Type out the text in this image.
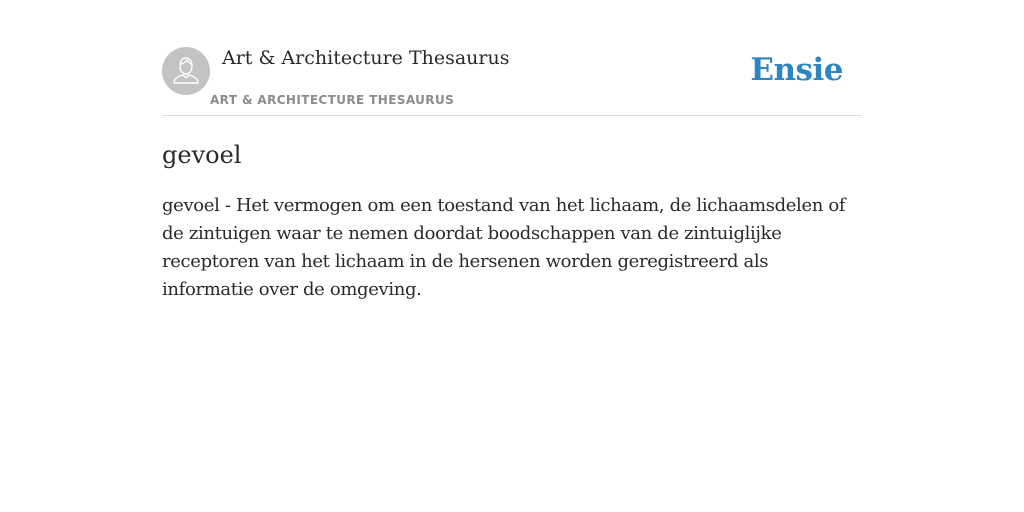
Art & Architecture Thesaurus
ART & ARCHITECTURE THESAURUS
Ensie
gevoel

gevoel - Het vermogen om een toestand van het lichaam, de lichaamsdelen of de zintuigen waar te nemen doordat boodschappen van de zintuiglijke receptoren van het lichaam in de hersenen worden geregistreerd als informatie over de omgeving.
